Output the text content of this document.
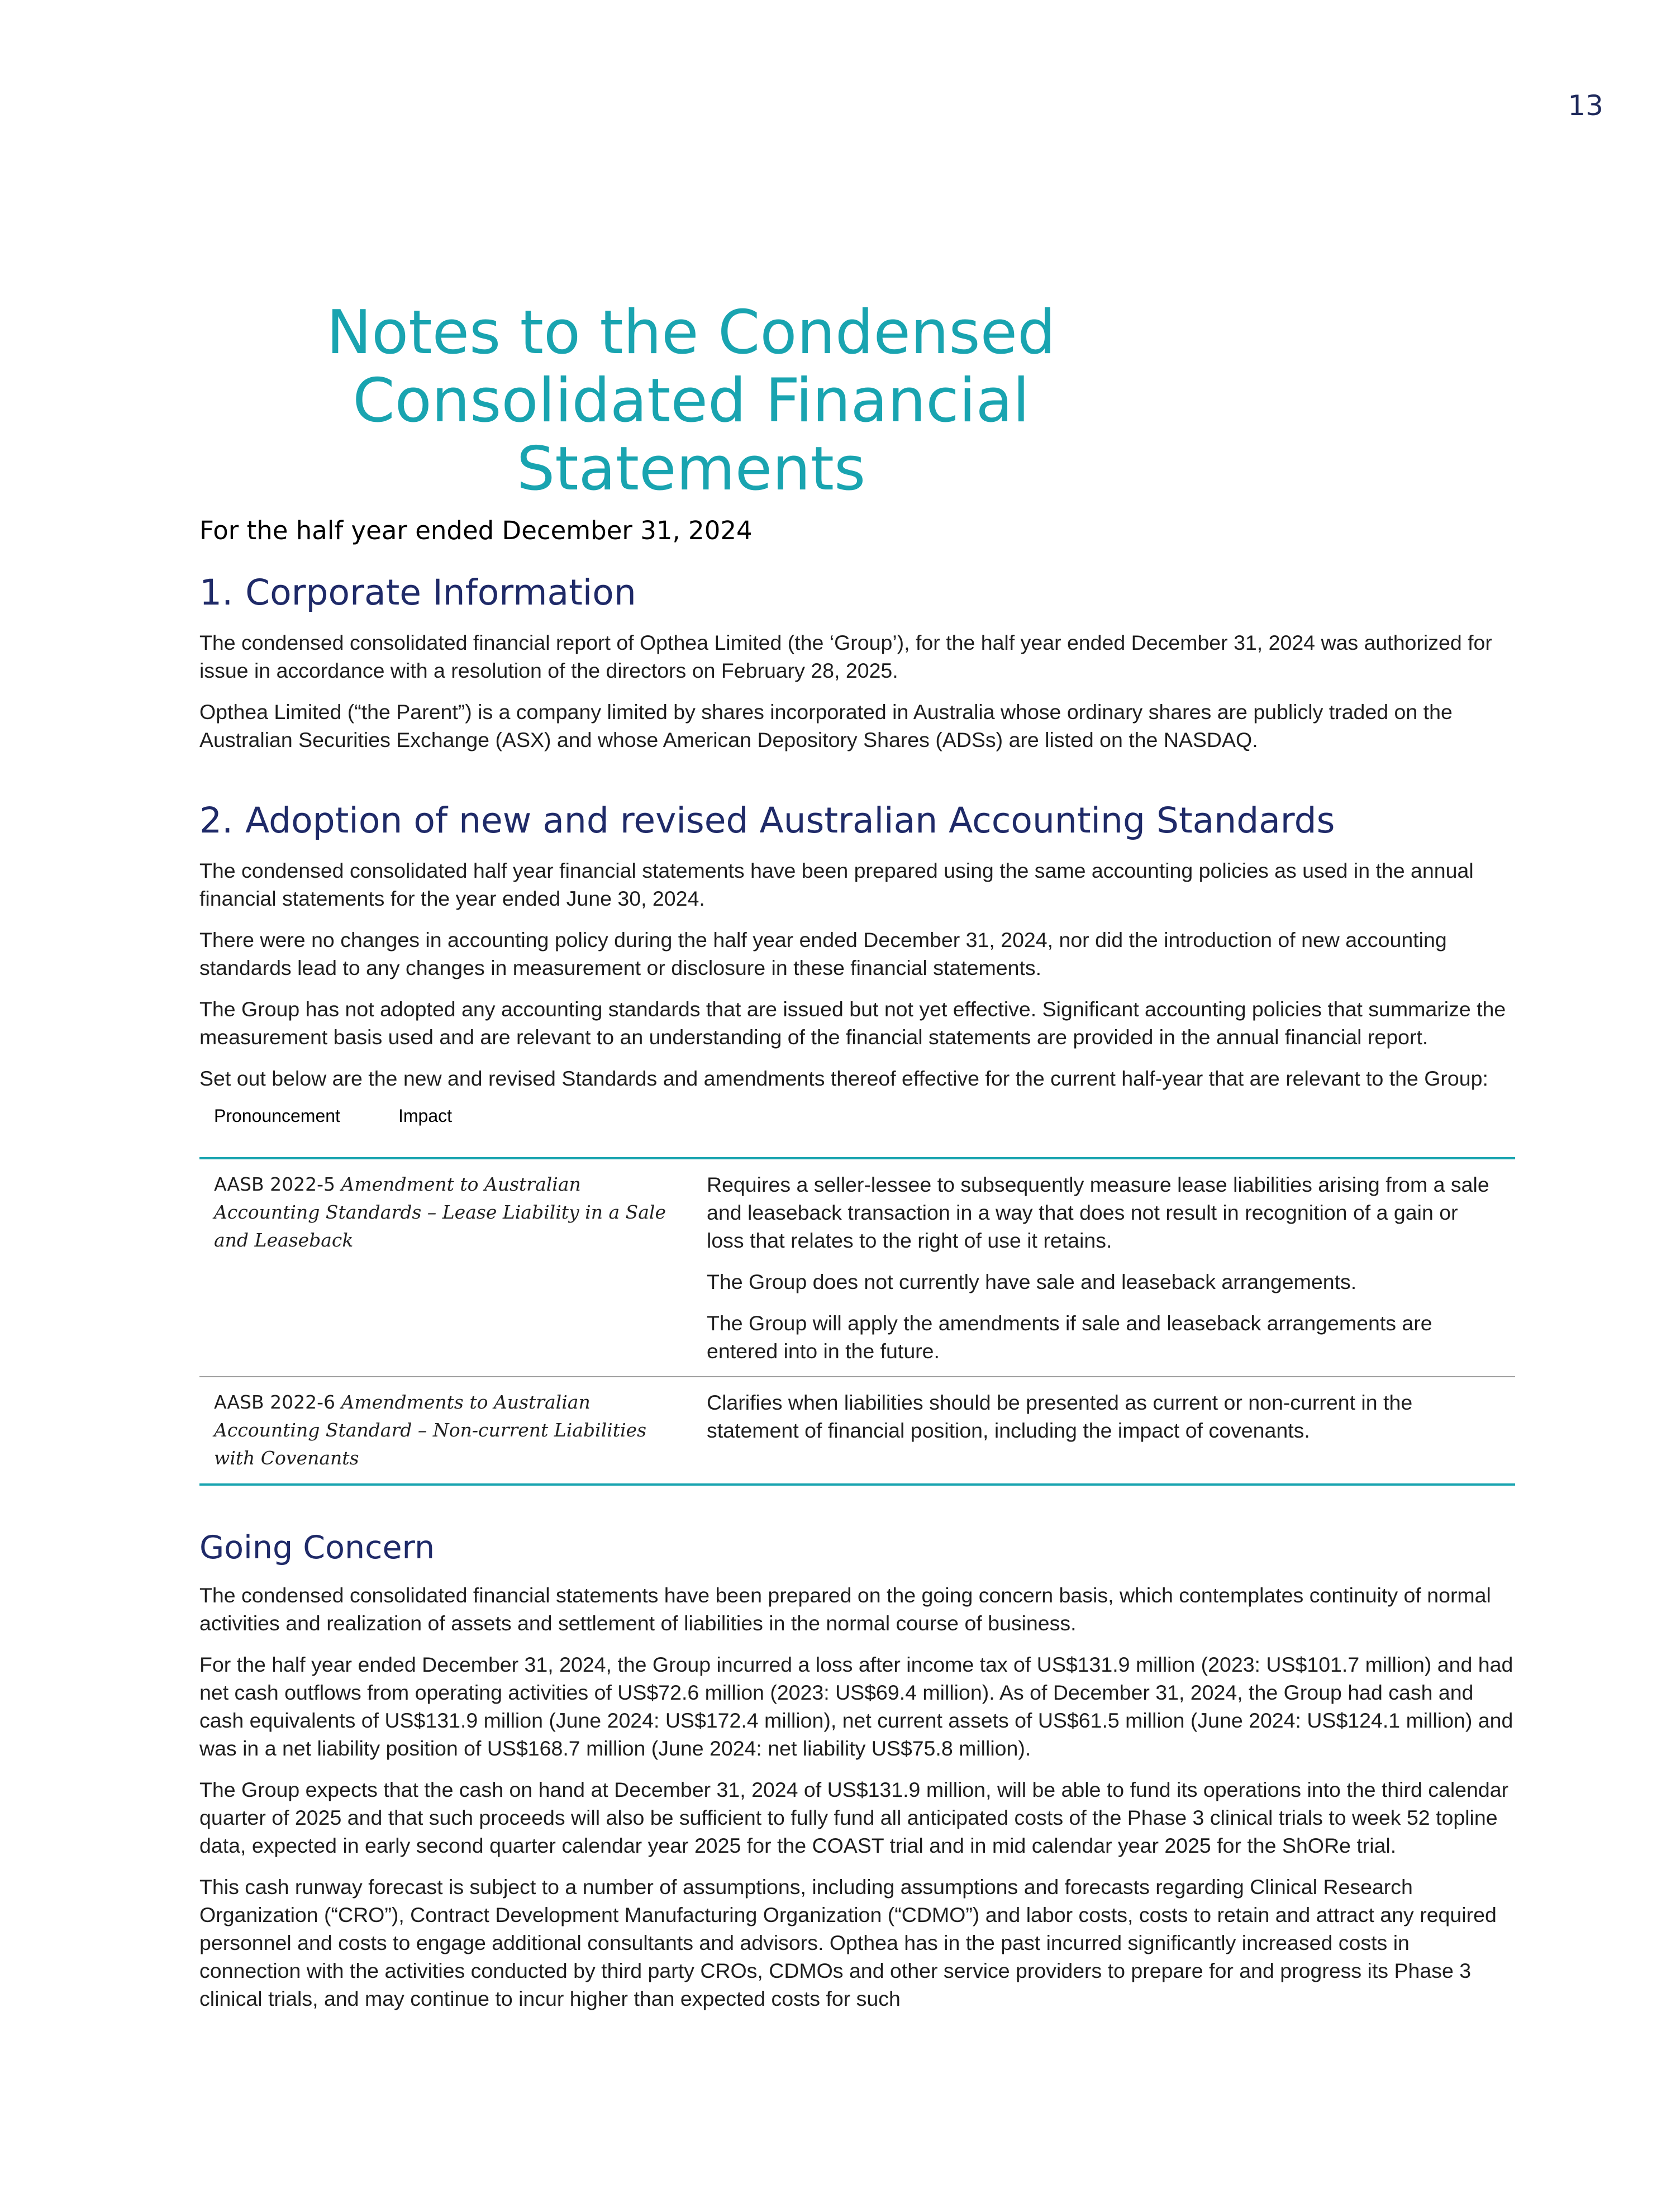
13
Notes to the Condensed
Consolidated Financial Statements
For the half year ended December 31, 2024
1. Corporate Information

The condensed consolidated financial report of Opthea Limited (the ‘Group’), for the half year ended December 31, 2024 was authorized for issue in accordance with a resolution of the directors on February 28, 2025.

Opthea Limited (“the Parent”) is a company limited by shares incorporated in Australia whose ordinary shares are publicly traded on the Australian Securities Exchange (ASX) and whose American Depository Shares (ADSs) are listed on the NASDAQ.

2. Adoption of new and revised Australian Accounting Standards

The condensed consolidated half year financial statements have been prepared using the same accounting policies as used in the annual financial statements for the year ended June 30, 2024.

There were no changes in accounting policy during the half year ended December 31, 2024, nor did the introduction of new accounting standards lead to any changes in measurement or disclosure in these financial statements.

The Group has not adopted any accounting standards that are issued but not yet effective. Significant accounting policies that summarize the measurement basis used and are relevant to an understanding of the financial statements are provided in the annual financial report.

Set out below are the new and revised Standards and amendments thereof effective for the current half-year that are relevant to the Group:

Pronouncement	Impact
AASB 2022-5 Amendment to Australian Accounting Standards – Lease Liability in a Sale and Leaseback	Requires a seller-lessee to subsequently measure lease liabilities arising from a sale and leaseback transaction in a way that does not result in recognition of a gain or loss that relates to the right of use it retains.

The Group does not currently have sale and leaseback arrangements.

The Group will apply the amendments if sale and leaseback arrangements are entered into in the future.

AASB 2022-6 Amendments to Australian Accounting Standard – Non-current Liabilities with Covenants	Clarifies when liabilities should be presented as current or non-current in the statement of financial position, including the impact of covenants.

Going Concern

The condensed consolidated financial statements have been prepared on the going concern basis, which contemplates continuity of normal activities and realization of assets and settlement of liabilities in the normal course of business.

For the half year ended December 31, 2024, the Group incurred a loss after income tax of US$131.9 million (2023: US$101.7 million) and had net cash outflows from operating activities of US$72.6 million (2023: US$69.4 million). As of December 31, 2024, the Group had cash and cash equivalents of US$131.9 million (June 2024: US$172.4 million), net current assets of US$61.5 million (June 2024: US$124.1 million) and was in a net liability position of US$168.7 million (June 2024: net liability US$75.8 million).

The Group expects that the cash on hand at December 31, 2024 of US$131.9 million, will be able to fund its operations into the third calendar quarter of 2025 and that such proceeds will also be sufficient to fully fund all anticipated costs of the Phase 3 clinical trials to week 52 topline data, expected in early second quarter calendar year 2025 for the COAST trial and in mid calendar year 2025 for the ShORe trial.

This cash runway forecast is subject to a number of assumptions, including assumptions and forecasts regarding Clinical Research Organization (“CRO”), Contract Development Manufacturing Organization (“CDMO”) and labor costs, costs to retain and attract any required personnel and costs to engage additional consultants and advisors. Opthea has in the past incurred significantly increased costs in connection with the activities conducted by third party CROs, CDMOs and other service providers to prepare for and progress its Phase 3 clinical trials, and may continue to incur higher than expected costs for such
